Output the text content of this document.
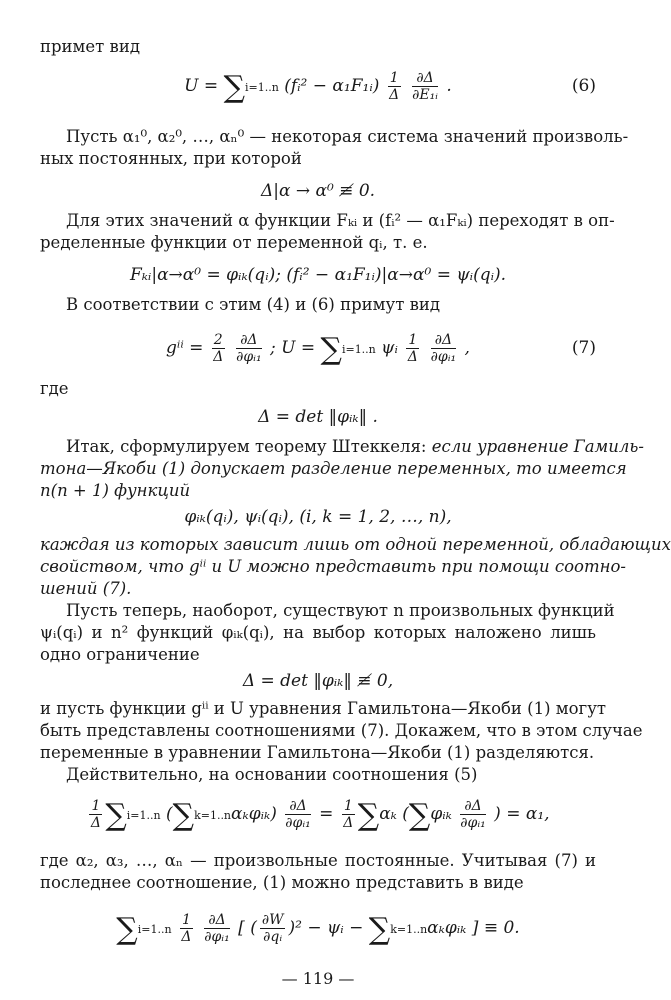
примет вид
U = ∑i=1..n (fᵢ² − α₁F₁ᵢ) $\frac{1}{\Delta}$
$\frac{\partial\Delta}{\text{∂E₁ᵢ}}$ .	(6)
Пусть α₁⁰, α₂⁰, …, αₙ⁰ — некоторая система значений произволь-
ных постоянных, при которой
Δ|α → α⁰ ≢ 0.
Для этих значений α функции Fₖᵢ и (fᵢ² — α₁Fₖᵢ) переходят в оп-
ределенные функции от переменной qᵢ, т. е.
Fₖᵢ|α→α⁰ = φᵢₖ(qᵢ); (fᵢ² − α₁F₁ᵢ)|α→α⁰ = ψᵢ(qᵢ).
В соответствии с этим (4) и (6) примут вид
$g^{ii} = \frac{2}{\Delta}$
$\frac{\partial\Delta}{\text{∂φᵢ₁}}$ ; U = ∑i=1..n ψᵢ $\frac{1}{\Delta}$
$\frac{\partial\Delta}{\text{∂φᵢ₁}}$ ,	(7)
где
Δ = det ‖φᵢₖ‖ .
Итак, сформулируем теорему Штеккеля: если уравнение Гамиль-
тона—Якоби (1) допускает разделение переменных, то имеется
n(n + 1) функций
φᵢₖ(qᵢ), ψᵢ(qᵢ), (i, k = 1, 2, …, n),
каждая из которых зависит лишь от одной переменной, обладающих
свойством, что gⁱⁱ и U можно представить при помощи соотно-
шений (7).
Пусть теперь, наоборот, существуют n произвольных функций
ψᵢ(qᵢ) и n² функций φᵢₖ(qᵢ), на выбор которых наложено лишь
одно ограничение
Δ = det ‖φᵢₖ‖ ≢ 0,
и пусть функции gⁱⁱ и U уравнения Гамильтона—Якоби (1) могут
быть представлены соотношениями (7). Докажем, что в этом случае
переменные в уравнении Гамильтона—Якоби (1) разделяются.
Действительно, на основании соотношения (5)
$\frac{1}{\Delta} \sum i=1..n$ (∑k=1..nαₖφᵢₖ) $\frac{\partial\Delta}{\text{∂φᵢ₁}} = \frac{1}{\Delta} \sum\alpha_k$ (∑φᵢₖ $\frac{\partial\Delta}{\text{∂φᵢ₁}}$ ) = α₁,
где α₂, α₃, …, αₙ — произвольные постоянные. Учитывая (7) и
последнее соотношение, (1) можно представить в виде
$\sum i=1..n \frac{1}{\Delta}$
$\frac{\partial\Delta}{\text{∂φᵢ₁}}$ [ ( $\frac{\partial W}{\text{∂qᵢ}} )^2$ − ψᵢ − ∑k=1..nαₖφᵢₖ ] ≡ 0.
— 119 —
